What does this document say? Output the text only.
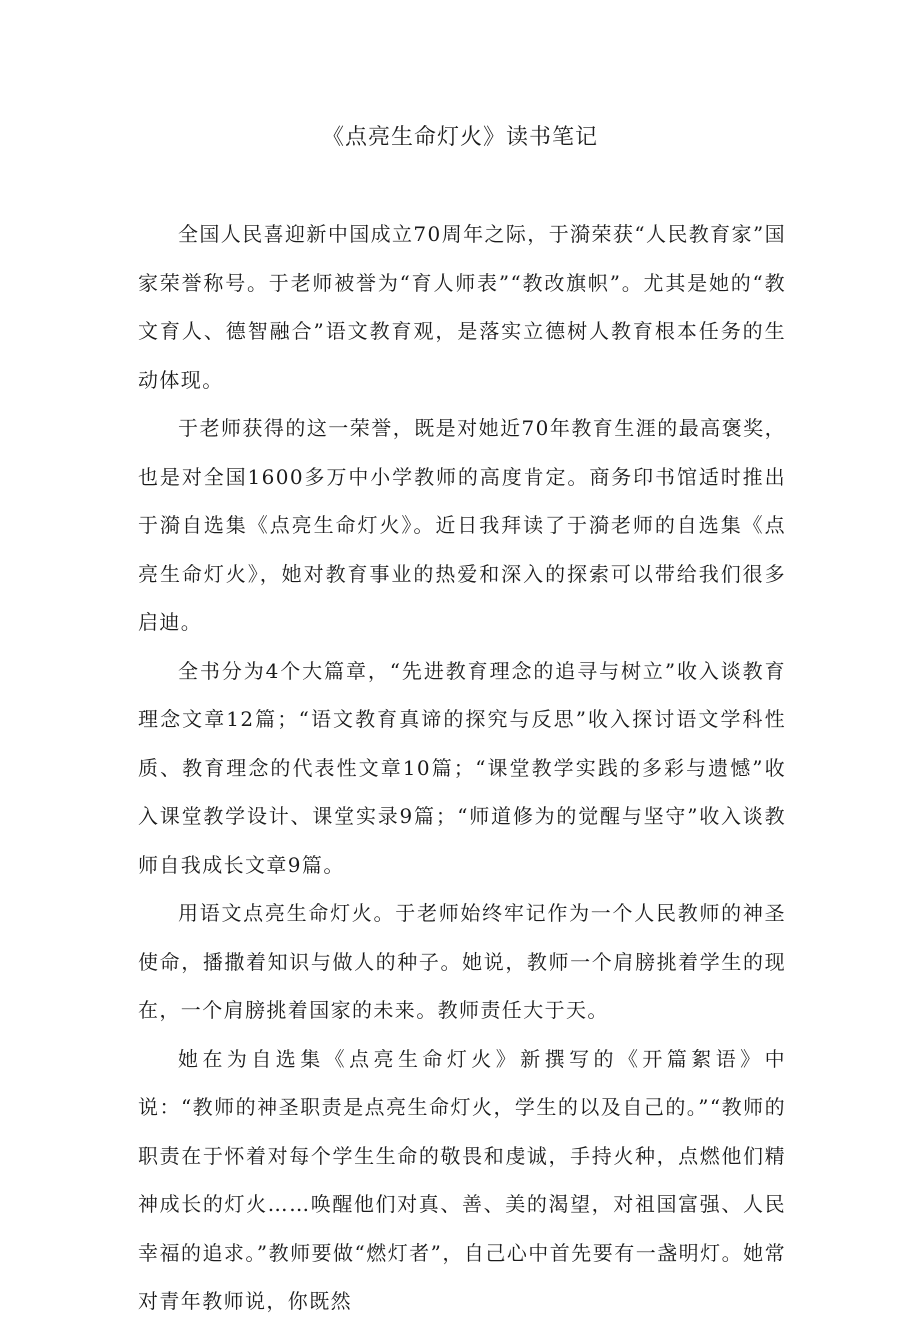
《点亮生命灯火》读书笔记

全国人民喜迎新中国成立70周年之际，于漪荣获“人民教育家”国家荣誉称号。于老师被誉为“育人师表”“教改旗帜”。尤其是她的“教文育人、德智融合”语文教育观，是落实立德树人教育根本任务的生动体现。

于老师获得的这一荣誉，既是对她近70年教育生涯的最高褒奖，也是对全国1600多万中小学教师的高度肯定。商务印书馆适时推出于漪自选集《点亮生命灯火》。近日我拜读了于漪老师的自选集《点亮生命灯火》，她对教育事业的热爱和深入的探索可以带给我们很多启迪。

全书分为4个大篇章，“先进教育理念的追寻与树立”收入谈教育理念文章12篇；“语文教育真谛的探究与反思”收入探讨语文学科性质、教育理念的代表性文章10篇；“课堂教学实践的多彩与遗憾”收入课堂教学设计、课堂实录9篇；“师道修为的觉醒与坚守”收入谈教师自我成长文章9篇。

用语文点亮生命灯火。于老师始终牢记作为一个人民教师的神圣使命，播撒着知识与做人的种子。她说，教师一个肩膀挑着学生的现在，一个肩膀挑着国家的未来。教师责任大于天。

她在为自选集《点亮生命灯火》新撰写的《开篇絮语》中说：“教师的神圣职责是点亮生命灯火，学生的以及自己的。”“教师的职责在于怀着对每个学生生命的敬畏和虔诚，手持火种，点燃他们精神成长的灯火……唤醒他们对真、善、美的渴望，对祖国富强、人民幸福的追求。”教师要做“燃灯者”，自己心中首先要有一盏明灯。她常对青年教师说，你既然
